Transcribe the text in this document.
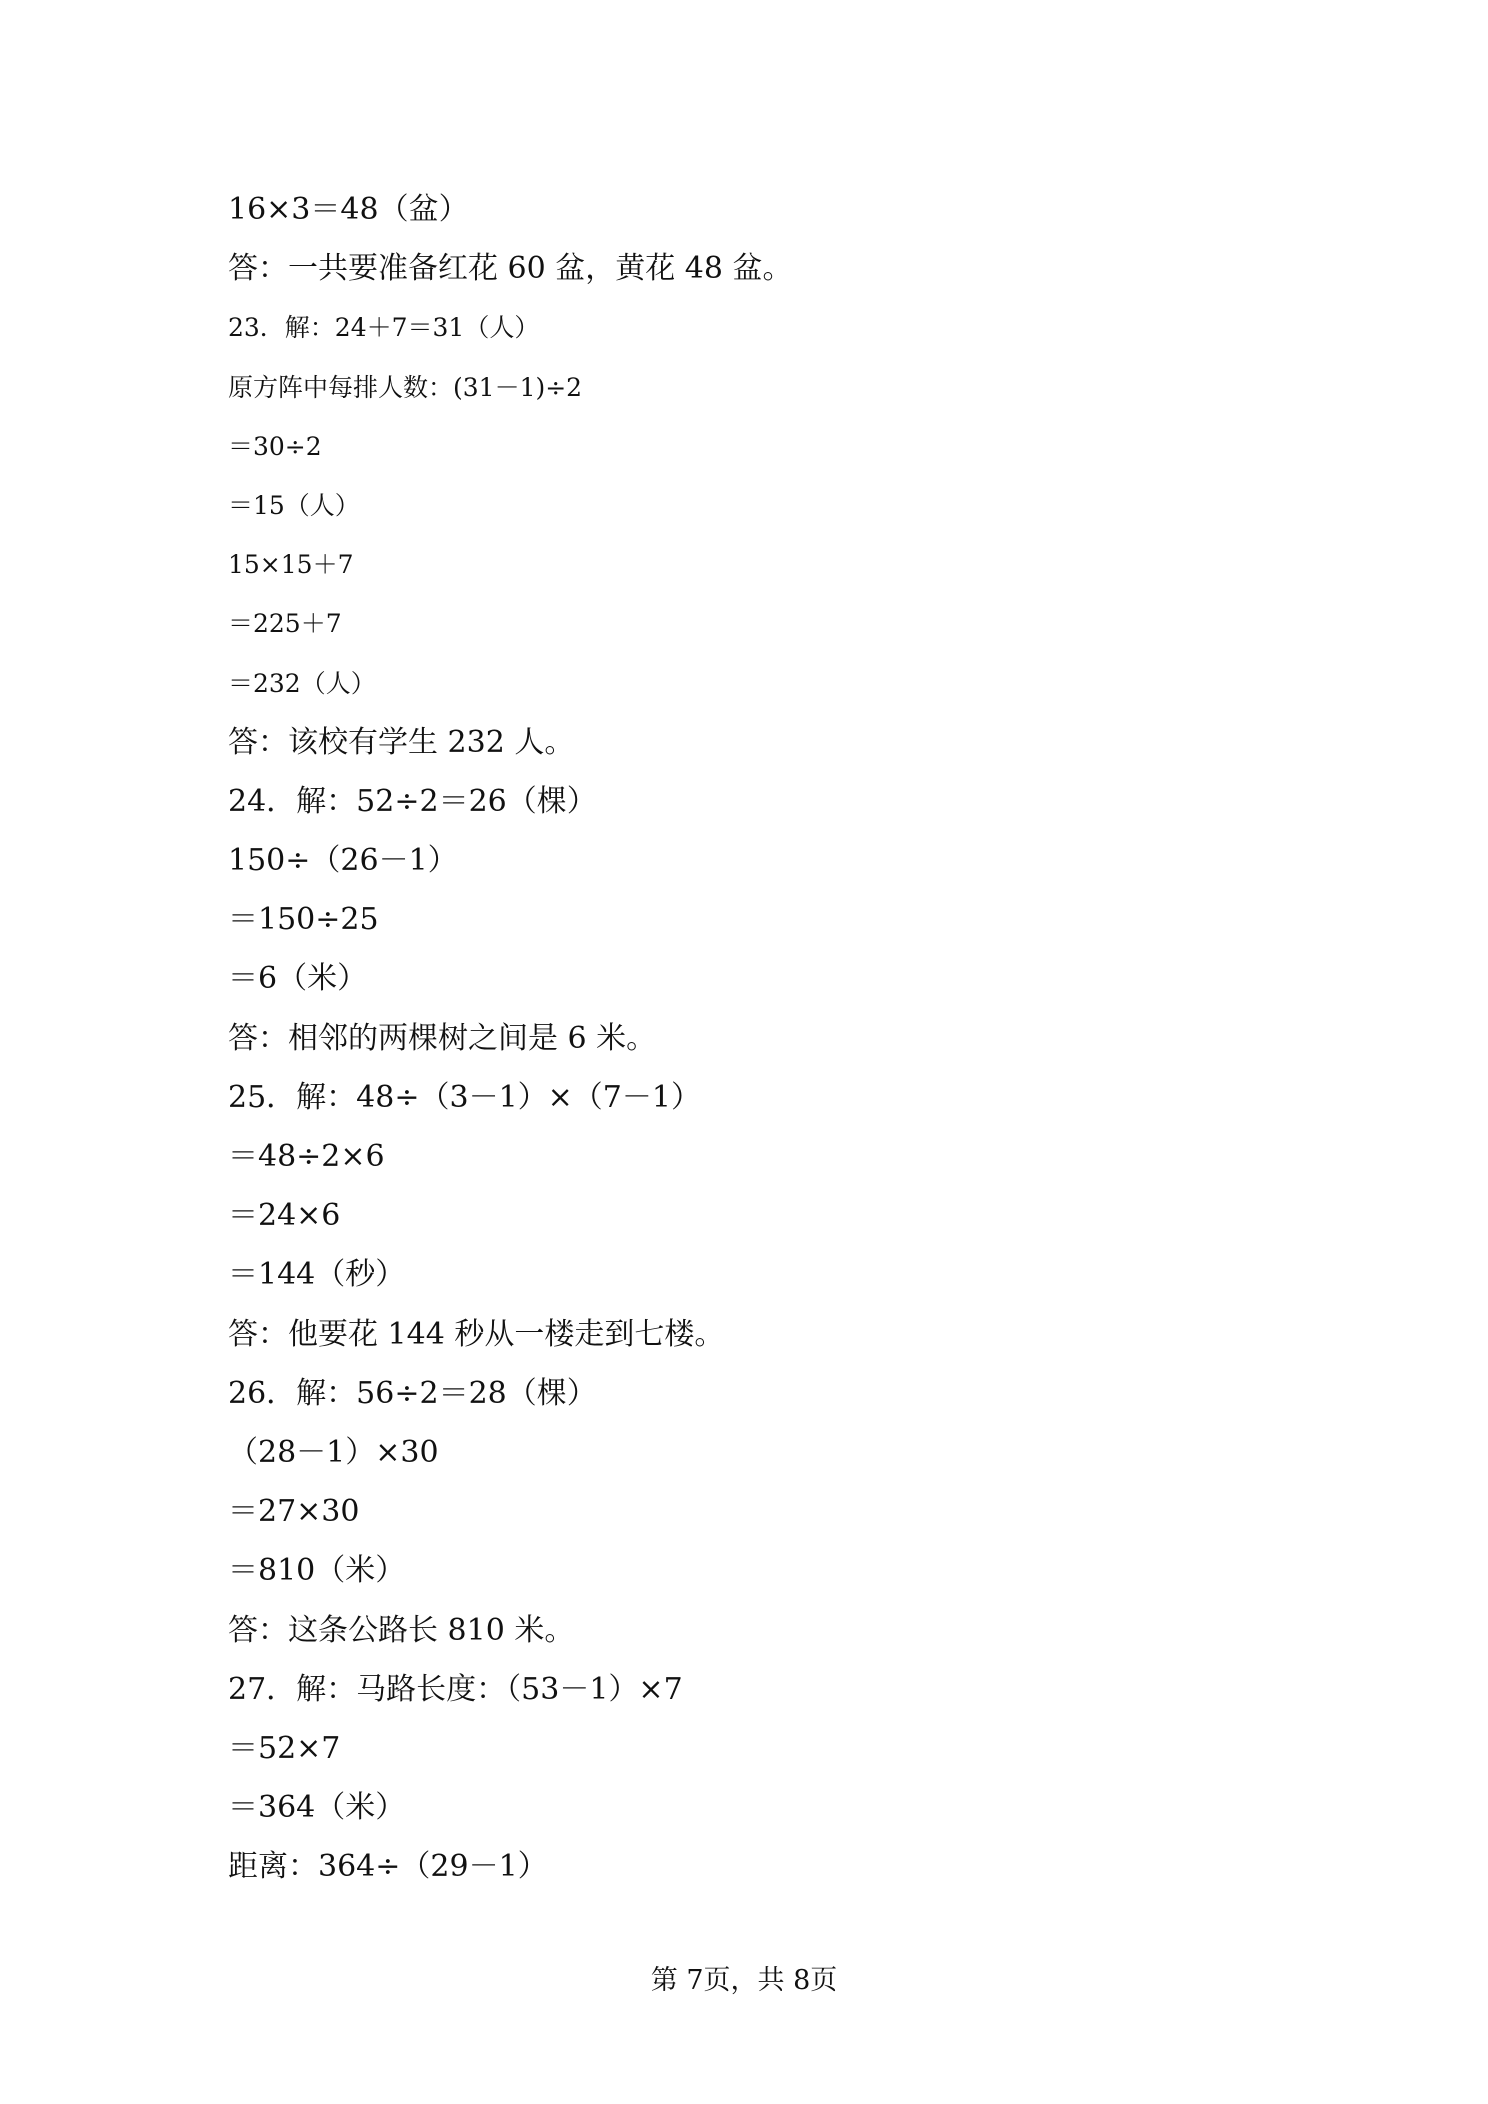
16×3＝48（盆）
答：一共要准备红花 60 盆，黄花 48 盆。
23．解：24＋7＝31（人）
原方阵中每排人数：(31－1)÷2
＝30÷2
＝15（人）
15×15＋7
＝225＋7
＝232（人）
答：该校有学生 232 人。
24．解：52÷2＝26（棵）
150÷（26－1）
＝150÷25
＝6（米）
答：相邻的两棵树之间是 6 米。
25．解：48÷（3－1）×（7－1）
＝48÷2×6
＝24×6
＝144（秒）
答：他要花 144 秒从一楼走到七楼。
26．解：56÷2＝28（棵）
（28－1）×30
＝27×30
＝810（米）
答：这条公路长 810 米。
27．解：马路长度：（53－1）×7
＝52×7
＝364（米）
距离：364÷（29－1）
第 7页，共 8页
